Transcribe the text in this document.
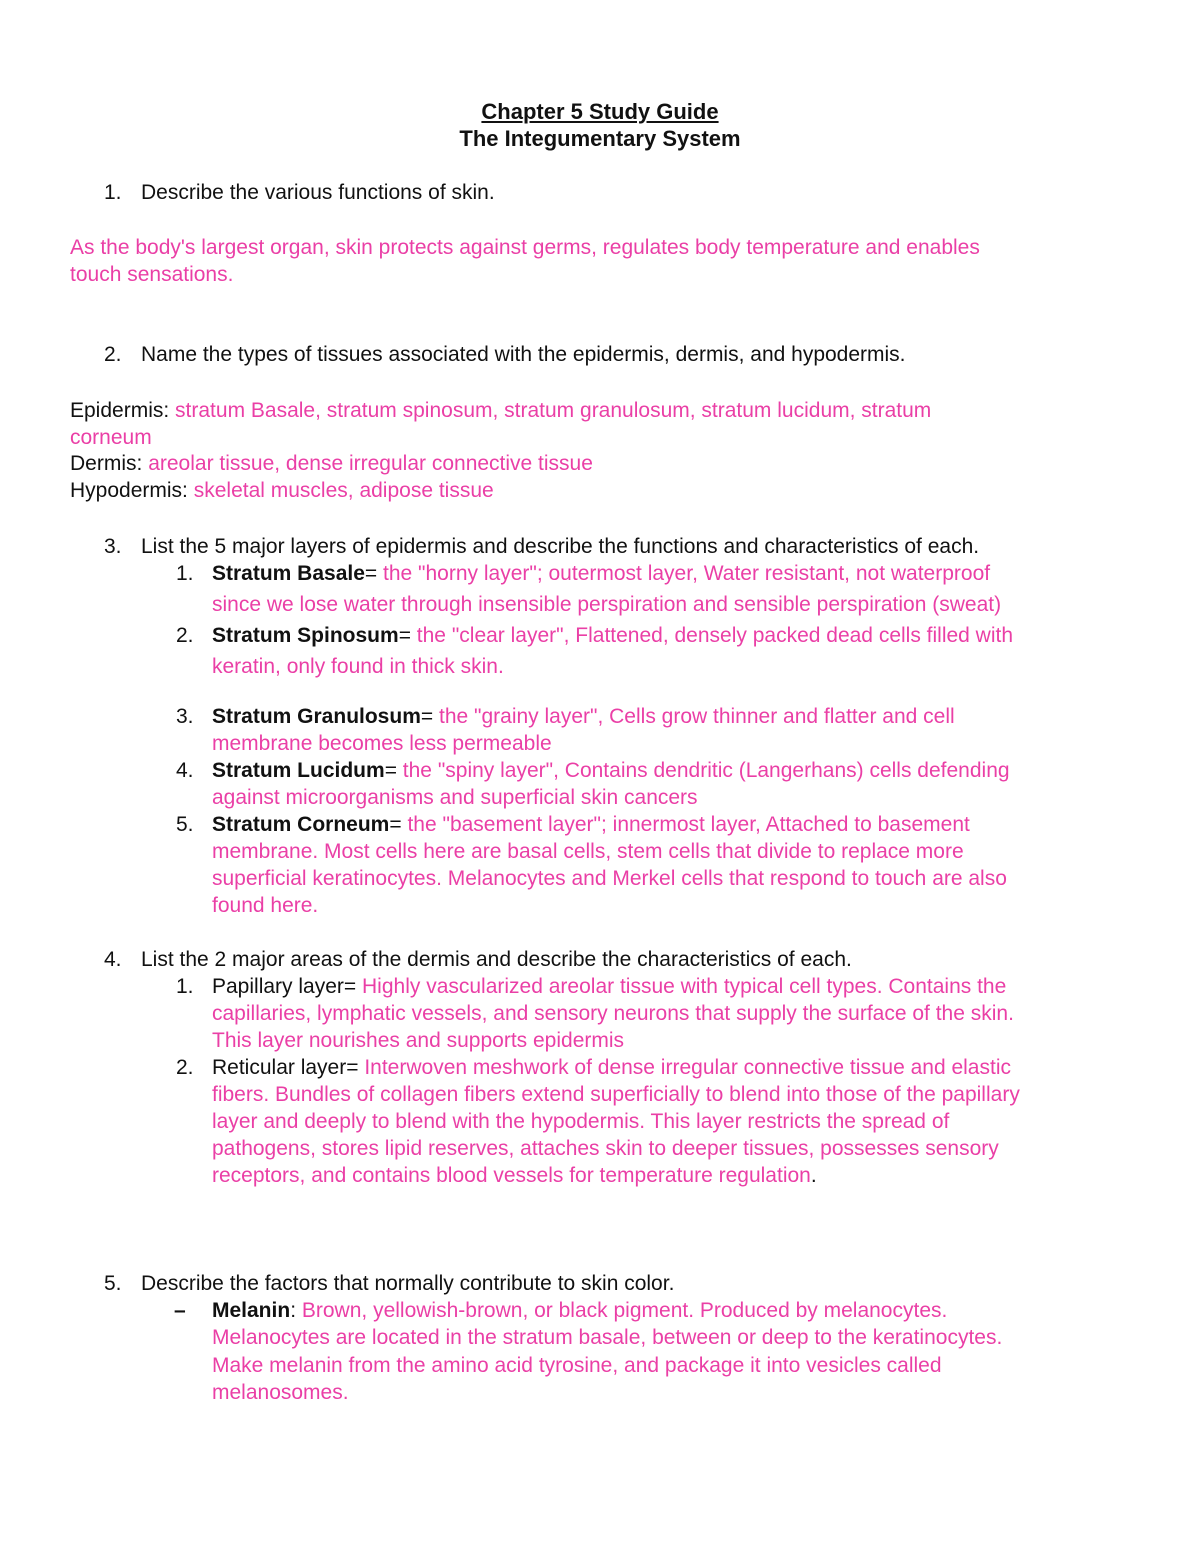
Chapter 5 Study Guide
The Integumentary System
1. Describe the various functions of skin.
As the body's largest organ, skin protects against germs, regulates body temperature and enables
touch sensations.
2. Name the types of tissues associated with the epidermis, dermis, and hypodermis.
Epidermis: stratum Basale, stratum spinosum, stratum granulosum, stratum lucidum, stratum
corneum
Dermis: areolar tissue, dense irregular connective tissue
Hypodermis: skeletal muscles, adipose tissue
3. List the 5 major layers of epidermis and describe the functions and characteristics of each.
1. Stratum Basale= the "horny layer"; outermost layer, Water resistant, not waterproof
since we lose water through insensible perspiration and sensible perspiration (sweat)
2. Stratum Spinosum= the "clear layer", Flattened, densely packed dead cells filled with
keratin, only found in thick skin.
3. Stratum Granulosum= the "grainy layer", Cells grow thinner and flatter and cell
membrane becomes less permeable
4. Stratum Lucidum= the "spiny layer", Contains dendritic (Langerhans) cells defending
against microorganisms and superficial skin cancers
5. Stratum Corneum= the "basement layer"; innermost layer, Attached to basement
membrane. Most cells here are basal cells, stem cells that divide to replace more
superficial keratinocytes. Melanocytes and Merkel cells that respond to touch are also
found here.
4. List the 2 major areas of the dermis and describe the characteristics of each.
1. Papillary layer= Highly vascularized areolar tissue with typical cell types. Contains the
capillaries, lymphatic vessels, and sensory neurons that supply the surface of the skin.
This layer nourishes and supports epidermis
2. Reticular layer= Interwoven meshwork of dense irregular connective tissue and elastic
fibers. Bundles of collagen fibers extend superficially to blend into those of the papillary
layer and deeply to blend with the hypodermis. This layer restricts the spread of
pathogens, stores lipid reserves, attaches skin to deeper tissues, possesses sensory
receptors, and contains blood vessels for temperature regulation.
5. Describe the factors that normally contribute to skin color.
– Melanin: Brown, yellowish-brown, or black pigment. Produced by melanocytes.
Melanocytes are located in the stratum basale, between or deep to the keratinocytes.
Make melanin from the amino acid tyrosine, and package it into vesicles called
melanosomes.
